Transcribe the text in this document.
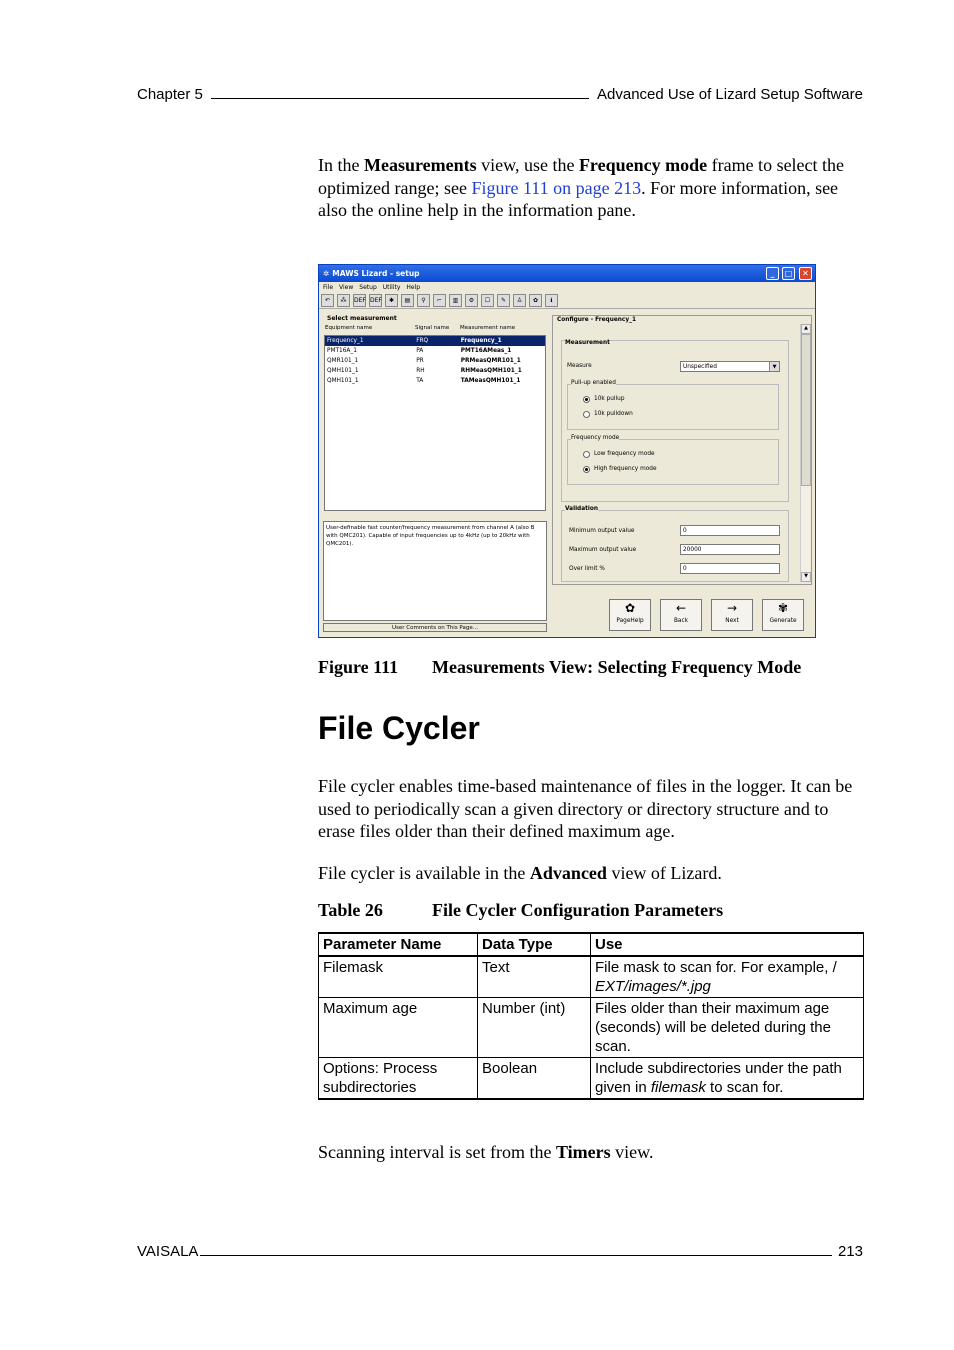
Chapter 5	Advanced Use of Lizard Setup Software
In the Measurements view, use the Frequency mode frame to select the optimized range; see Figure 111 on page 213. For more information, see also the online help in the information pane.
✲ MAWS Lizard - setup	_	□	✕
File View Setup Utility Help
↶	⁂	DEF DEF	✱	▤	⚲	⌐	▥	⚙	☐	✎	♙	✿	ℹ
Select measurement
Equipment name	Signal name	Measurement name
Frequency_1	FRQ	Frequency_1
PMT16A_1	PA	PMT16AMeas_1
QMR101_1	PR	PRMeasQMR101_1
QMH101_1	RH	RHMeasQMH101_1
QMH101_1	TA	TAMeasQMH101_1
User-definable fast counter/frequency measurement from channel A (also B with QMC201). Capable of input frequencies up to 4kHz (up to 20kHz with QMC201).
User Comments on This Page...
Configure - Frequency_1
▲
▼
Measurement
Measure	Unspecified	▼
Pull-up enabled
10k pullup
10k pulldown
Frequency mode
Low frequency mode
High frequency mode
Validation
Minimum output value	0
Maximum output value	20000
Over limit %	0
✿
PageHelp
←
Back
→
Next
✾
Generate
Figure 111	Measurements View: Selecting Frequency Mode
File Cycler
File cycler enables time-based maintenance of files in the logger. It can be used to periodically scan a given directory or directory structure and to erase files older than their defined maximum age.
File cycler is available in the Advanced view of Lizard.
Table 26	File Cycler Configuration Parameters
Parameter Name	Data Type	Use
Filemask	Text	File mask to scan for. For example, /
EXT/images/*.jpg
Maximum age	Number (int)	Files older than their maximum age (seconds) will be deleted during the scan.
Options: Process
subdirectories	Boolean	Include subdirectories under the path given in filemask to scan for.
Scanning interval is set from the Timers view.
VAISALA	213
